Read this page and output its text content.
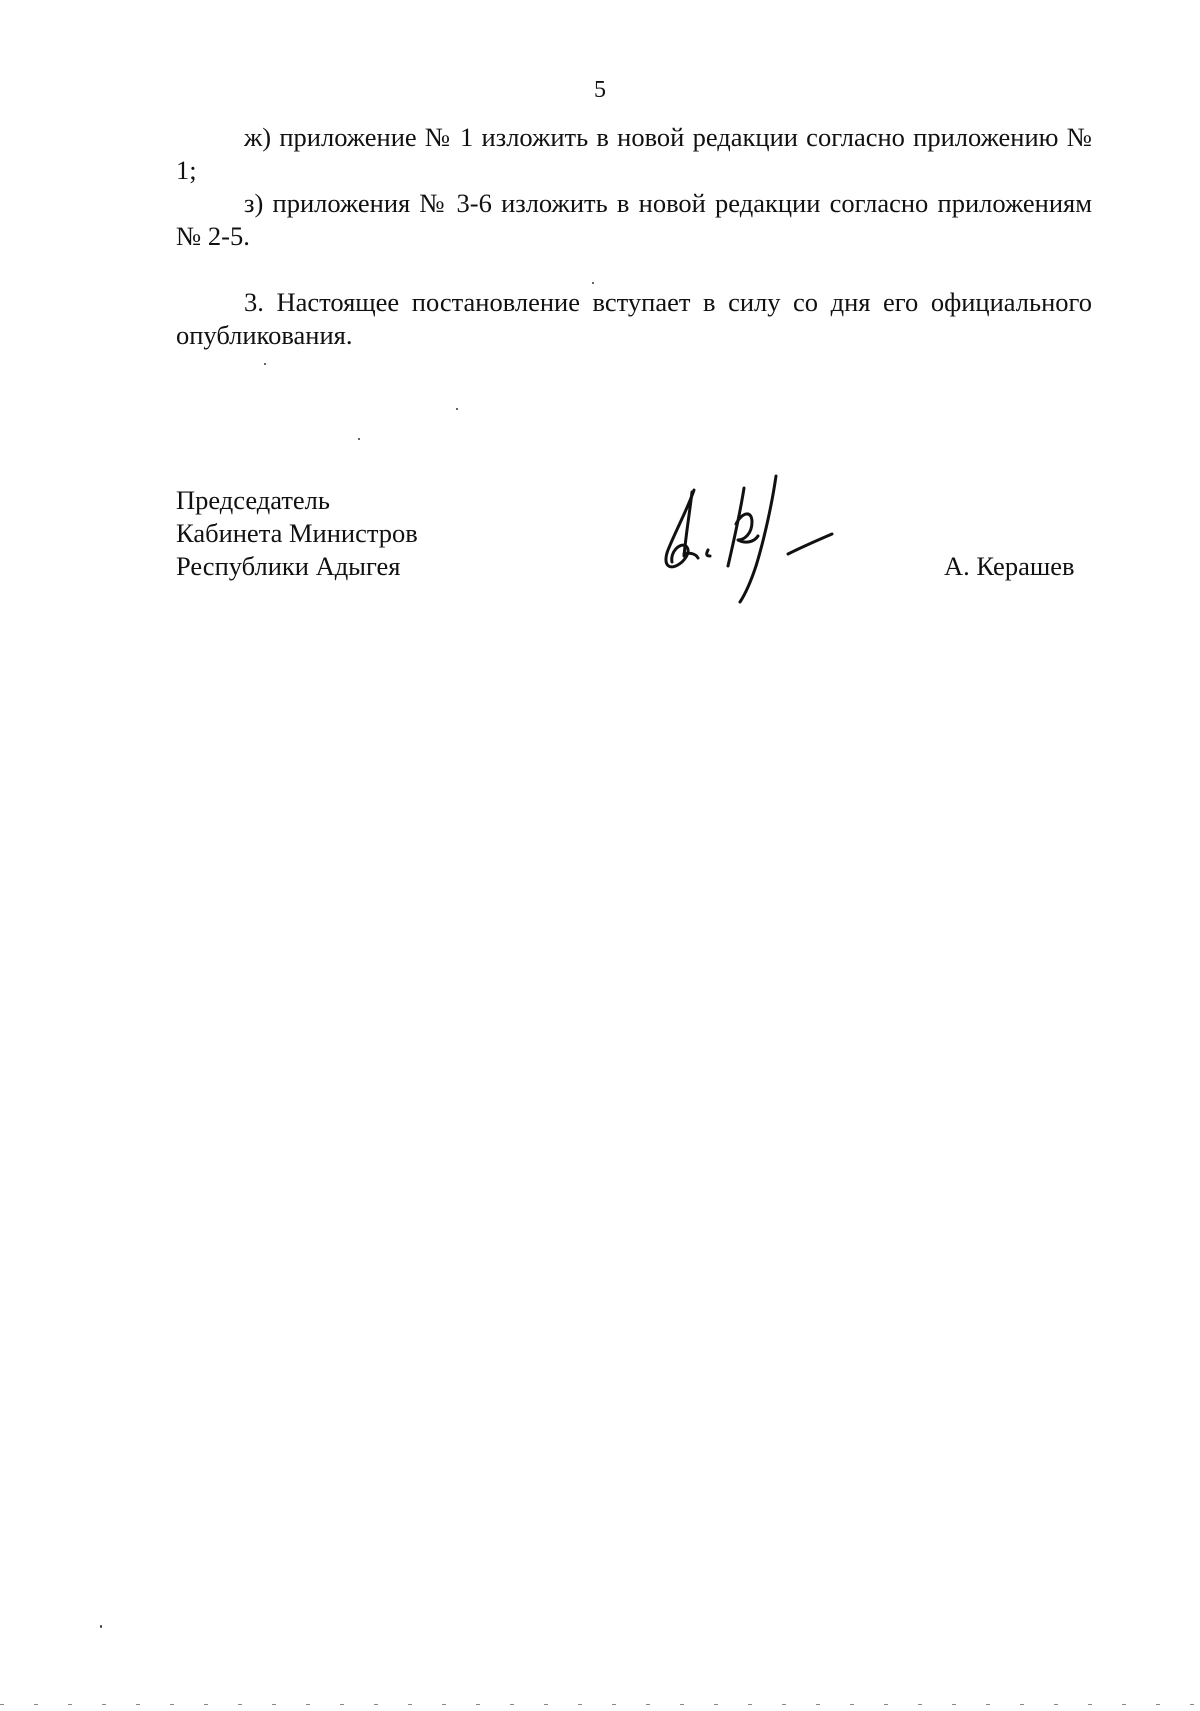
5

ж) приложение № 1 изложить в новой редакции согласно приложению № 1;

з) приложения № 3-6 изложить в новой редакции согласно приложениям № 2-5.

3. Настоящее постановление вступает в силу со дня его официального опубликования.

Председатель
Кабинета Министров
Республики Адыгея	А. Керашев
